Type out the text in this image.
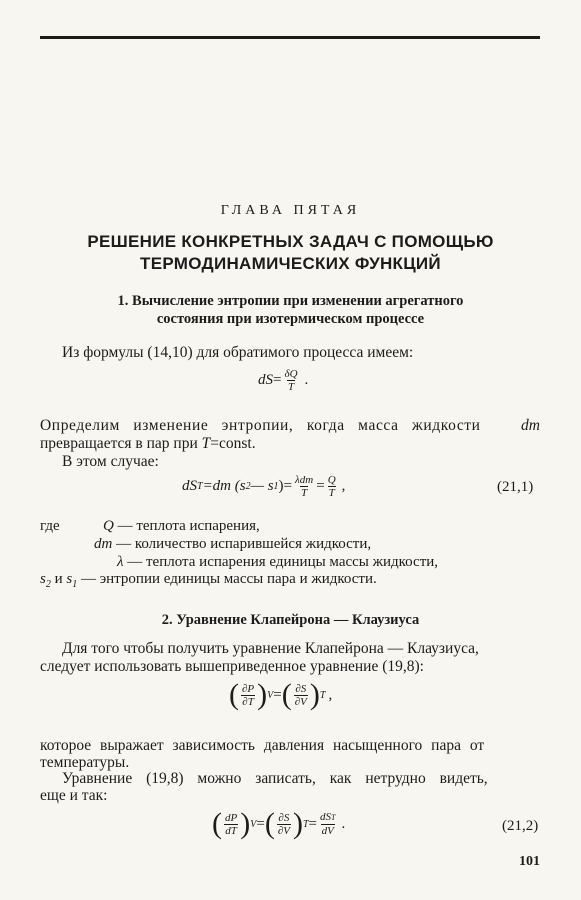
ГЛАВА ПЯТАЯ
РЕШЕНИЕ КОНКРЕТНЫХ ЗАДАЧ С ПОМОЩЬЮ
ТЕРМОДИНАМИЧЕСКИХ ФУНКЦИЙ
1. Вычисление энтропии при изменении агрегатного
состояния при изотермическом процессе
Из формулы (14,10) для обратимого процесса имеем:
dS = $\frac{\delta Q}{T}$ .
Определим изменение энтропии, когда масса жидкости	dm
превращается в пар при T=const.
В этом случае:
dS T =dm (s 2 — s 1 )= $\frac{\text{λdm}}{T} = \frac{Q}{T}$ ,	(21,1)
где	Q — теплота испарения,
dm — количество испарившейся жидкости,
λ — теплота испарения единицы массы жидкости,
$s_2$ и $s_1$ — энтропии единицы массы пара и жидкости.
2. Уравнение Клапейрона — Клаузиуса
Для того чтобы получить уравнение Клапейрона — Клаузиуса,
следует использовать вышеприведенное уравнение (19,8):
( $\frac{\partial P}{\partial T}$ ) V = ( $\frac{\partial S}{\partial V}$ ) T ,
которое выражает зависимость давления насыщенного пара от
температуры.
Уравнение (19,8) можно записать, как нетрудно видеть,
еще и так:
( $\frac{dP}{dT}$ ) V = ( $\frac{\partial S}{\partial V}$ ) $T = \frac{\text{dST}}{dV}$ .	(21,2)
101
